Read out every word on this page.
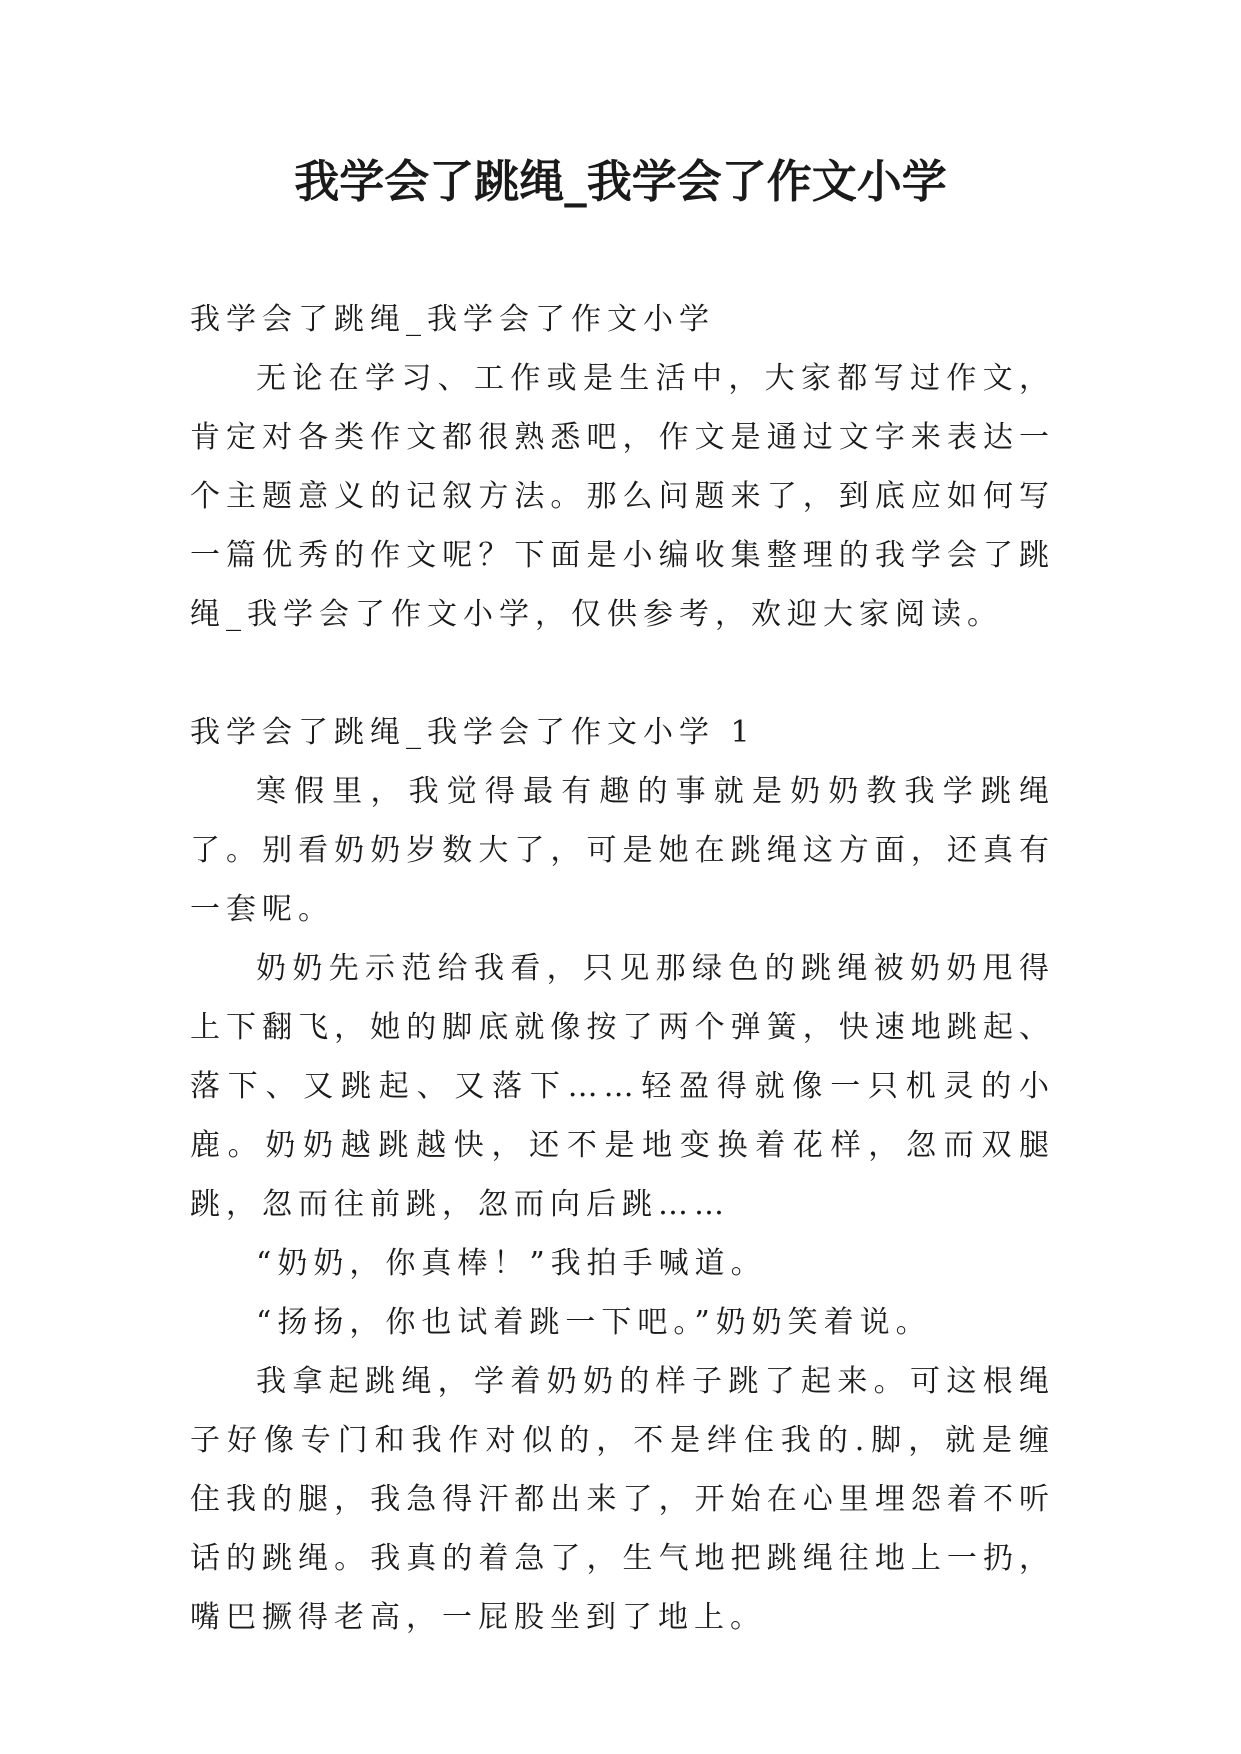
我学会了跳绳_我学会了作文小学

我学会了跳绳_我学会了作文小学

无论在学习、工作或是生活中，大家都写过作文，肯定对各类作文都很熟悉吧，作文是通过文字来表达一个主题意义的记叙方法。那么问题来了，到底应如何写一篇优秀的作文呢？下面是小编收集整理的我学会了跳绳_我学会了作文小学，仅供参考，欢迎大家阅读。

我学会了跳绳_我学会了作文小学 1

寒假里，我觉得最有趣的事就是奶奶教我学跳绳了。别看奶奶岁数大了，可是她在跳绳这方面，还真有一套呢。

奶奶先示范给我看，只见那绿色的跳绳被奶奶甩得上下翻飞，她的脚底就像按了两个弹簧，快速地跳起、落下、又跳起、又落下……轻盈得就像一只机灵的小鹿。奶奶越跳越快，还不是地变换着花样，忽而双腿跳，忽而往前跳，忽而向后跳……

“奶奶，你真棒！”我拍手喊道。

“扬扬，你也试着跳一下吧。”奶奶笑着说。

我拿起跳绳，学着奶奶的样子跳了起来。可这根绳子好像专门和我作对似的，不是绊住我的.脚，就是缠住我的腿，我急得汗都出来了，开始在心里埋怨着不听话的跳绳。我真的着急了，生气地把跳绳往地上一扔，嘴巴撅得老高，一屁股坐到了地上。
